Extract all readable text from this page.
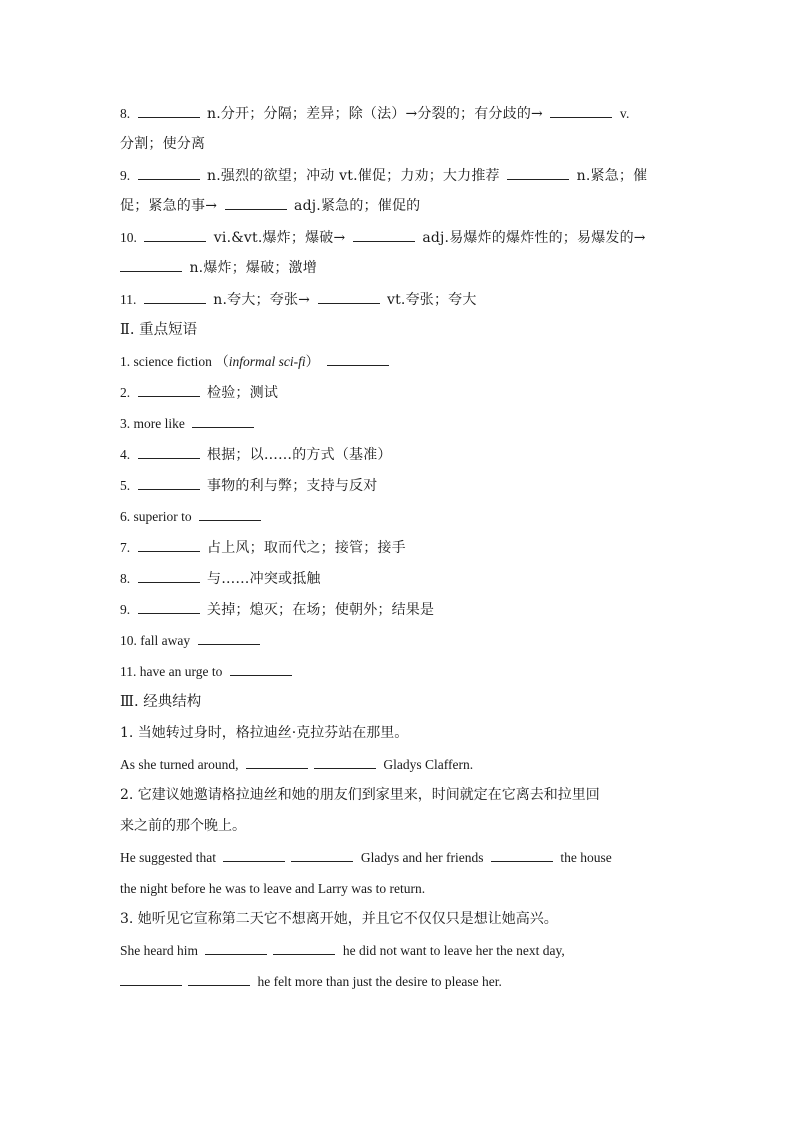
8.	n.分开；分隔；差异；除（法）→分裂的；有分歧的→	v.
分割；使分离
9.	n.强烈的欲望；冲动 vt.催促；力劝；大力推荐	n.紧急；催
促；紧急的事→	adj.紧急的；催促的
10.	vi.&vt.爆炸；爆破→	adj.易爆炸的爆炸性的；易爆发的→
n.爆炸；爆破；激增
11.	n.夸大；夸张→	vt.夸张；夸大
Ⅱ. 重点短语
1. science fiction （informal sci-fi）
2.	检验；测试
3. more like
4.	根据；以……的方式（基准）
5.	事物的利与弊；支持与反对
6. superior to
7.	占上风；取而代之；接管；接手
8.	与……冲突或抵触
9.	关掉；熄灭；在场；使朝外；结果是
10. fall away
11. have an urge to
Ⅲ. 经典结构
1. 当她转过身时，格拉迪丝·克拉芬站在那里。
As she turned around,	Gladys Claffern.
2. 它建议她邀请格拉迪丝和她的朋友们到家里来，时间就定在它离去和拉里回
来之前的那个晚上。
He suggested that	Gladys and her friends	the house
the night before he was to leave and Larry was to return.
3. 她听见它宣称第二天它不想离开她，并且它不仅仅只是想让她高兴。
She heard him	he did not want to leave her the next day,
he felt more than just the desire to please her.
